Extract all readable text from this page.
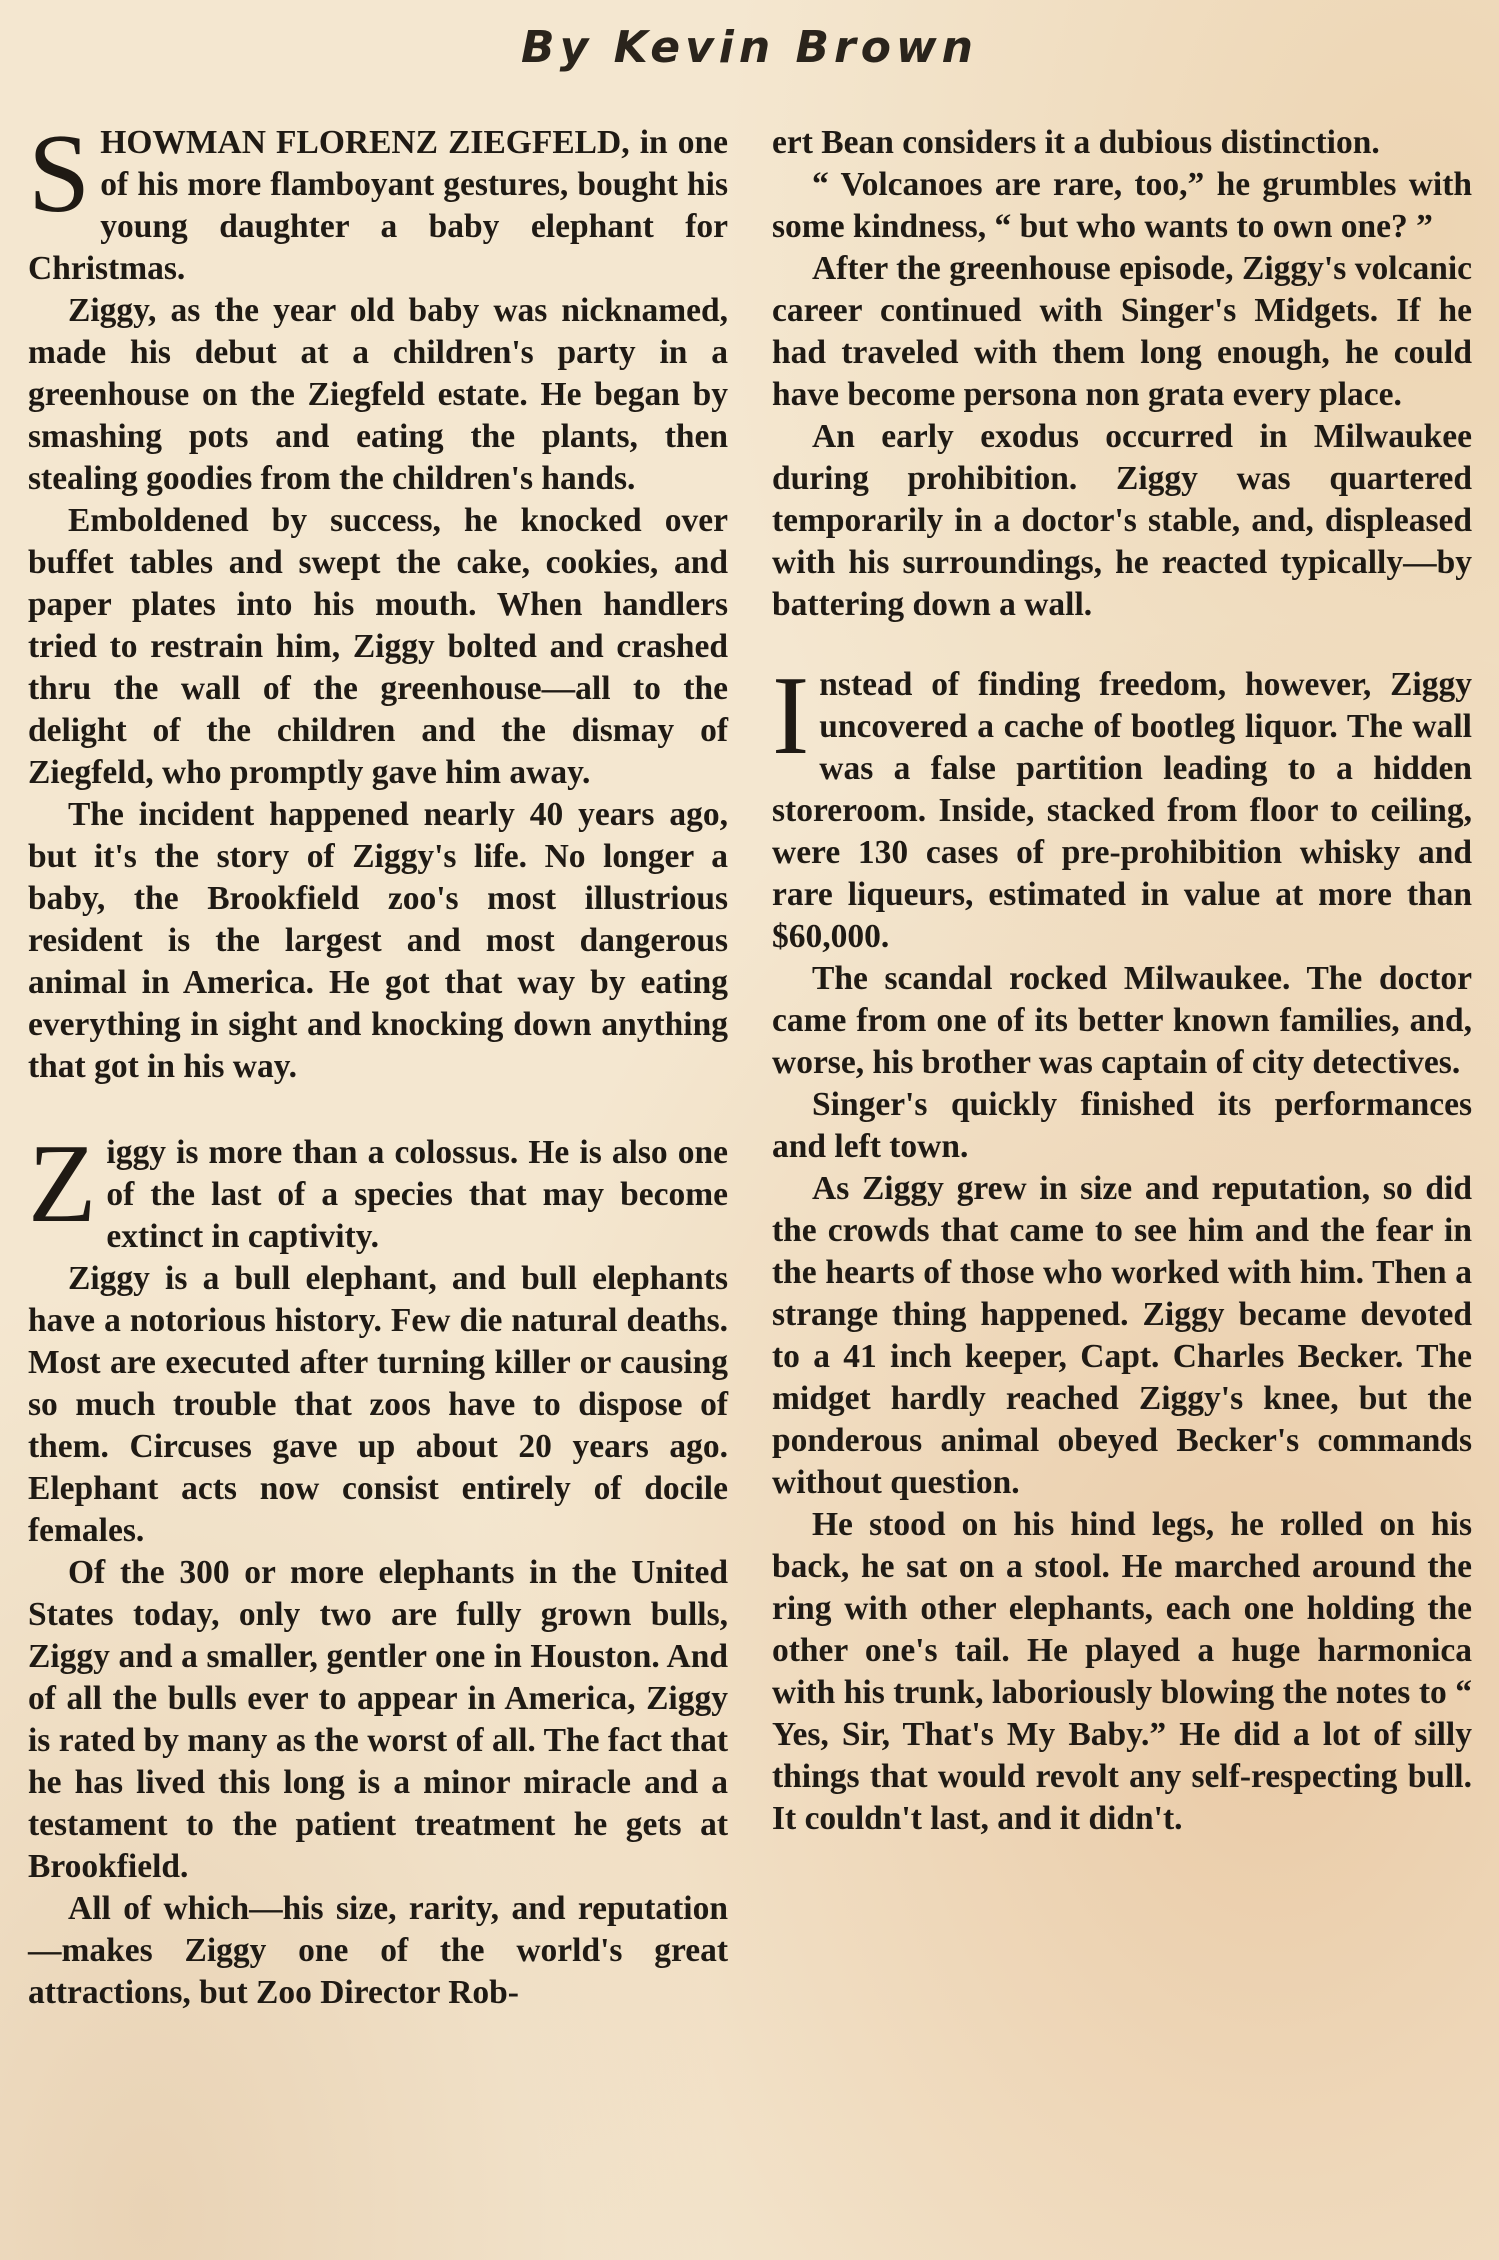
By Kevin Brown

SHOWMAN FLORENZ ZIEGFELD, in one of his more flamboyant gestures, bought his young daughter a baby elephant for Christmas.

Ziggy, as the year old baby was nicknamed, made his debut at a children's party in a greenhouse on the Ziegfeld estate. He began by smashing pots and eating the plants, then stealing goodies from the children's hands.

Emboldened by success, he knocked over buffet tables and swept the cake, cookies, and paper plates into his mouth. When handlers tried to restrain him, Ziggy bolted and crashed thru the wall of the greenhouse—all to the delight of the children and the dismay of Ziegfeld, who promptly gave him away.

The incident happened nearly 40 years ago, but it's the story of Ziggy's life. No longer a baby, the Brookfield zoo's most illustrious resident is the largest and most dangerous animal in America. He got that way by eating everything in sight and knocking down anything that got in his way.

Ziggy is more than a colossus. He is also one of the last of a species that may become extinct in captivity.

Ziggy is a bull elephant, and bull elephants have a notorious history. Few die natural deaths. Most are executed after turning killer or causing so much trouble that zoos have to dispose of them. Circuses gave up about 20 years ago. Elephant acts now consist entirely of docile females.

Of the 300 or more elephants in the United States today, only two are fully grown bulls, Ziggy and a smaller, gentler one in Houston. And of all the bulls ever to appear in America, Ziggy is rated by many as the worst of all. The fact that he has lived this long is a minor miracle and a testament to the patient treatment he gets at Brookfield.

All of which—his size, rarity, and reputation—makes Ziggy one of the world's great attractions, but Zoo Director Rob-

ert Bean considers it a dubious distinction.

“ Volcanoes are rare, too,” he grumbles with some kindness, “ but who wants to own one? ”

After the greenhouse episode, Ziggy's volcanic career continued with Singer's Midgets. If he had traveled with them long enough, he could have become persona non grata every place.

An early exodus occurred in Milwaukee during prohibition. Ziggy was quartered temporarily in a doctor's stable, and, displeased with his surroundings, he reacted typically—by battering down a wall.

Instead of finding freedom, however, Ziggy uncovered a cache of bootleg liquor. The wall was a false partition leading to a hidden storeroom. Inside, stacked from floor to ceiling, were 130 cases of pre-prohibition whisky and rare liqueurs, estimated in value at more than $60,000.

The scandal rocked Milwaukee. The doctor came from one of its better known families, and, worse, his brother was captain of city detectives.

Singer's quickly finished its performances and left town.

As Ziggy grew in size and reputation, so did the crowds that came to see him and the fear in the hearts of those who worked with him. Then a strange thing happened. Ziggy became devoted to a 41 inch keeper, Capt. Charles Becker. The midget hardly reached Ziggy's knee, but the ponderous animal obeyed Becker's commands without question.

He stood on his hind legs, he rolled on his back, he sat on a stool. He marched around the ring with other elephants, each one holding the other one's tail. He played a huge harmonica with his trunk, laboriously blowing the notes to “ Yes, Sir, That's My Baby.” He did a lot of silly things that would revolt any self-respecting bull. It couldn't last, and it didn't.
